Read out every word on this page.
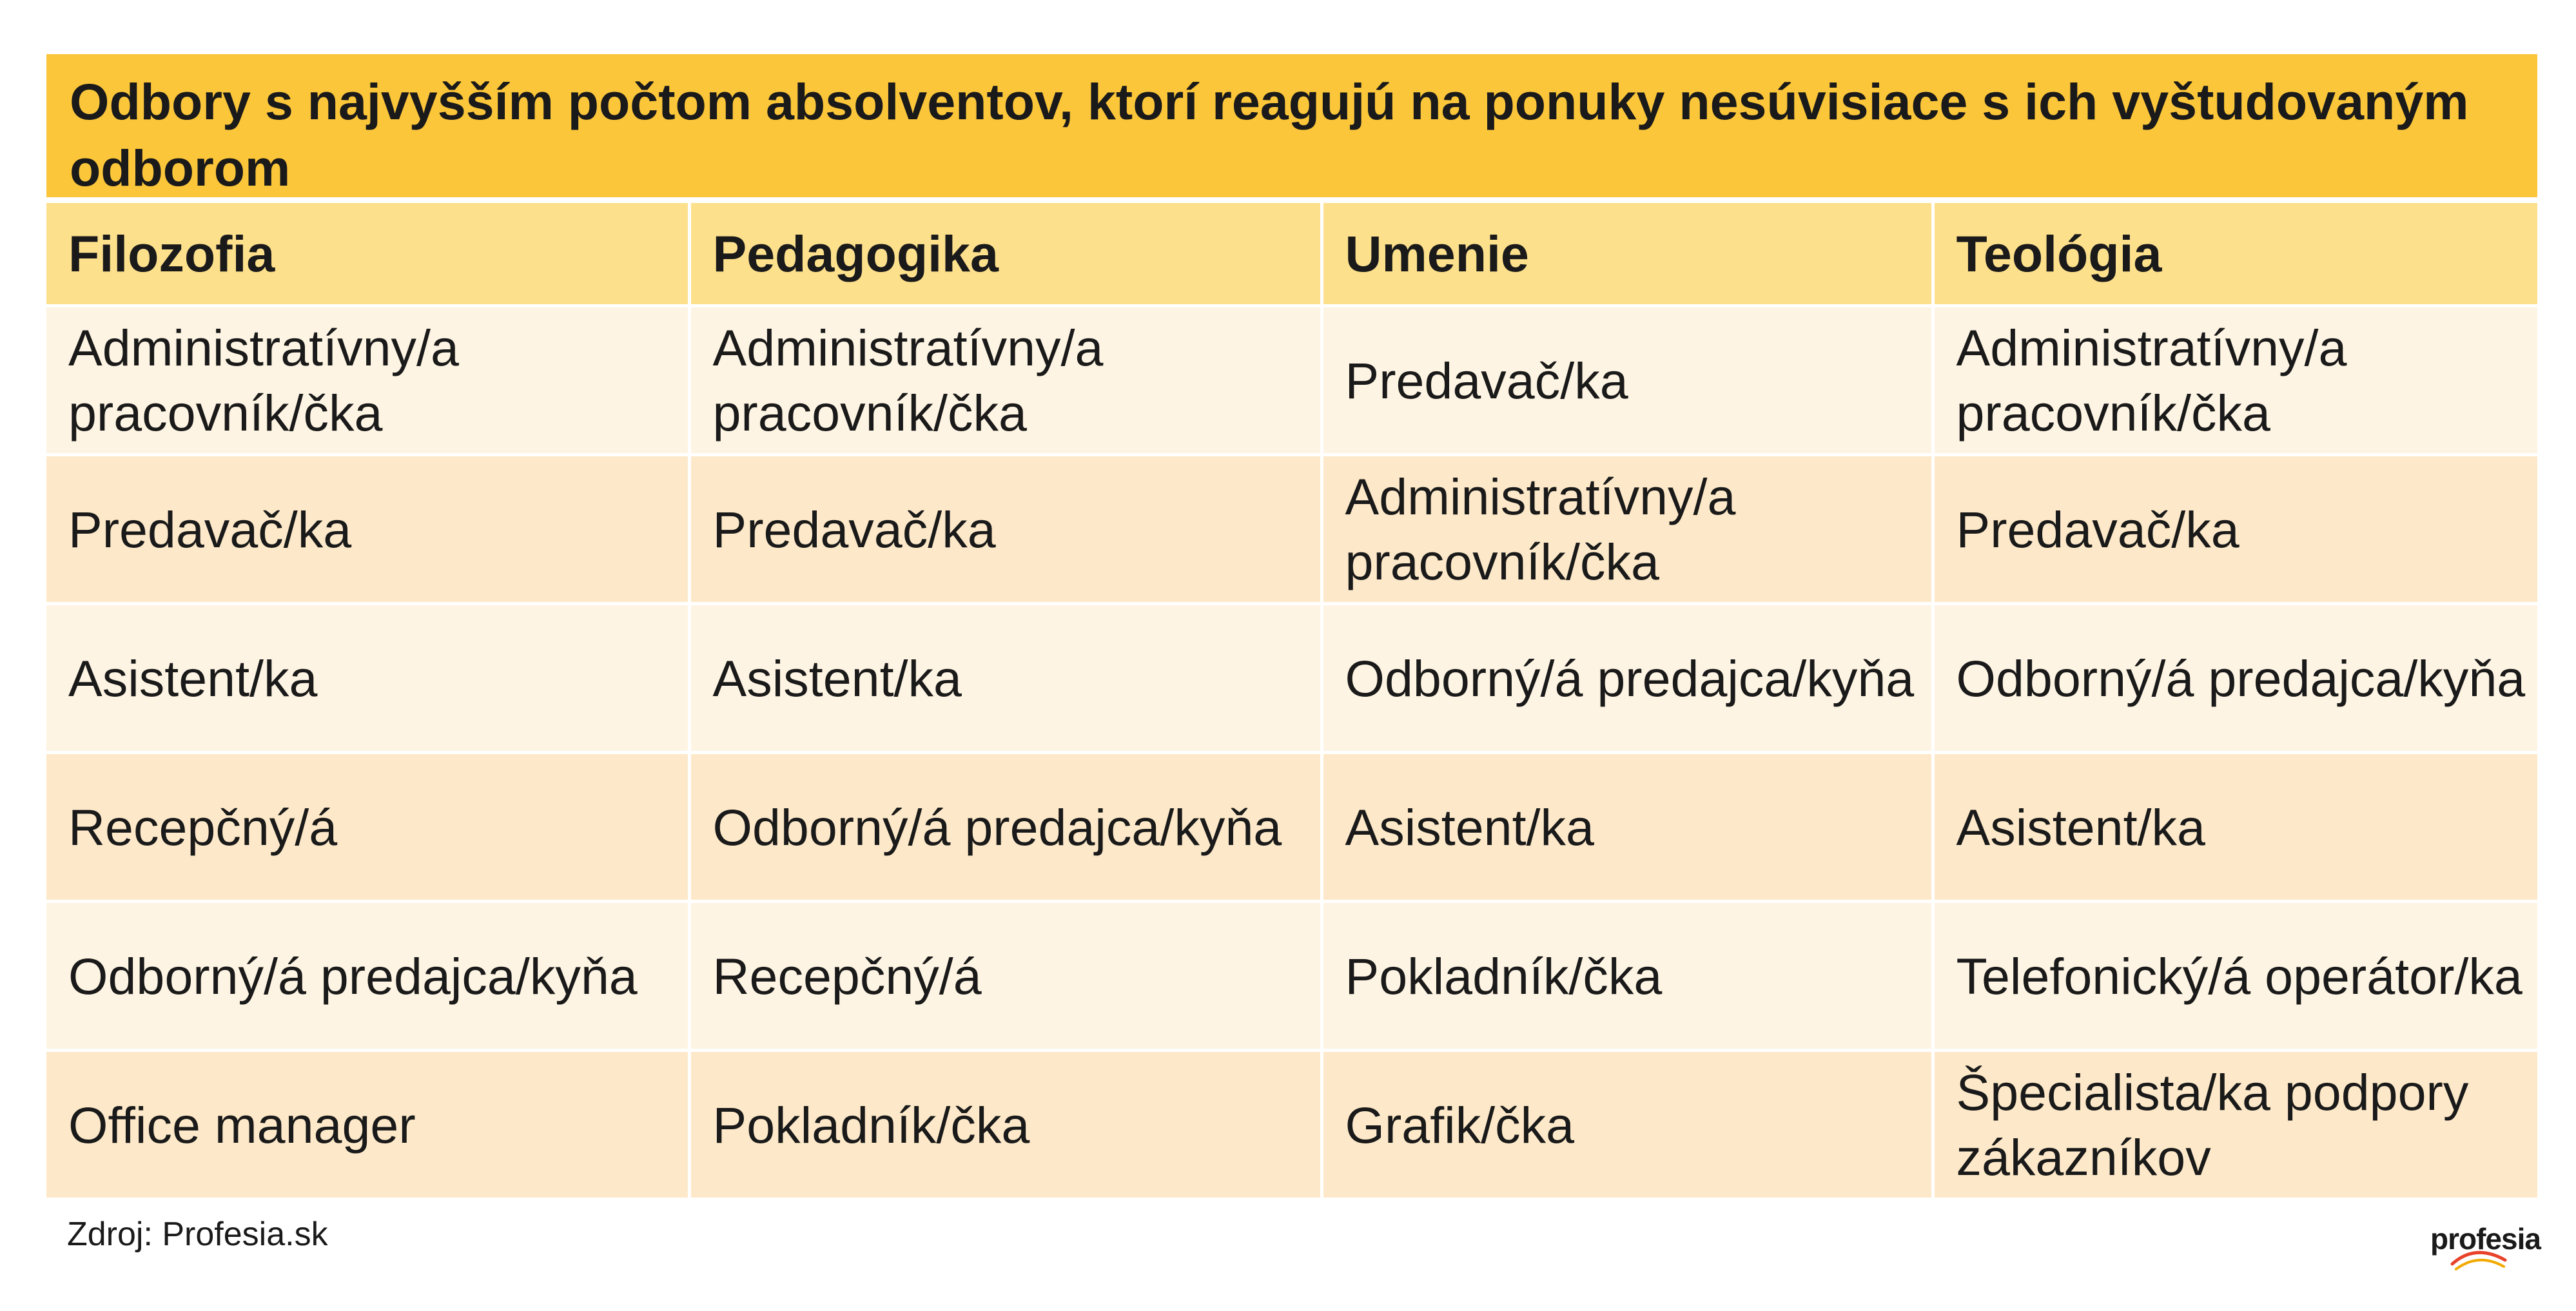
Odbory s najvyšším počtom absolventov, ktorí reagujú na ponuky nesúvisiace s ich vyštudovaným odborom
Filozofia	Pedagogika	Umenie	Teológia
Administratívny/a pracovník/čka	Administratívny/a pracovník/čka	Predavač/ka	Administratívny/a pracovník/čka
Predavač/ka	Predavač/ka	Administratívny/a pracovník/čka	Predavač/ka
Asistent/ka	Asistent/ka	Odborný/á predajca/kyňa	Odborný/á predajca/kyňa
Recepčný/á	Odborný/á predajca/kyňa	Asistent/ka	Asistent/ka
Odborný/á predajca/kyňa	Recepčný/á	Pokladník/čka	Telefonický/á operátor/ka
Office manager	Pokladník/čka	Grafik/čka	Špecialista/ka podpory zákazníkov
Zdroj: Profesia.sk	profesia
